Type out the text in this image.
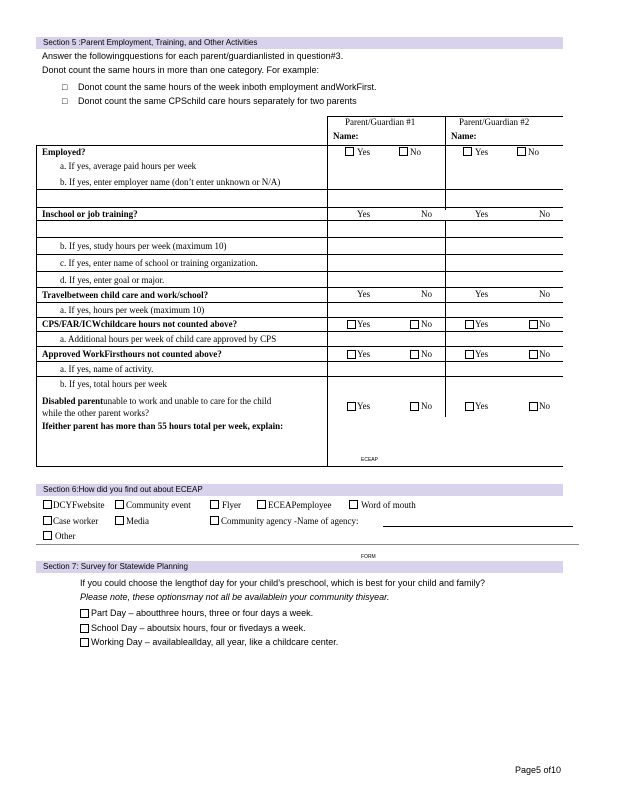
Section 5 :Parent Employment, Training, and Other Activities
Answer the followingquestions for each parent/guardianlisted in question#3.
Donot count the same hours in more than one category. For example:
□ Donot count the same hours of the week inboth employment andWorkFirst.
□ Donot count the same CPSchild care hours separately for two parents
Parent/Guardian #1	Parent/Guardian #2
Name:	Name:
Employed?	Yes	No	Yes	No
a. If yes, average paid hours per week
b. If yes, enter employer name (don’t enter unknown or N/A)
Inschool or job training?	Yes	No	Yes	No
b. If yes, study hours per week (maximum 10)
c. If yes, enter name of school or training organization.
d. If yes, enter goal or major.
Travelbetween child care and work/school?	Yes	No	Yes	No
a. If yes, hours per week (maximum 10)
CPS/FAR/ICWchildcare hours not counted above?	Yes	No	Yes	No
a. Additional hours per week of child care approved by CPS
Approved WorkFirsthours not counted above?	Yes	No	Yes	No
a. If yes, name of activity.
b. If yes, total hours per week
Disabled parentunable to work and unable to care for the child
while the other parent works?
Yes	No	Yes	No
Ifeither parent has more than 55 hours total per week, explain:
ECEAP
Section 6:How did you find out about ECEAP
DCYFwebsite Community event	Flyer	ECEAPemployee	Word of mouth
Case worker	Media	Community agency -Name of agency:
Other
FORM
Section 7: Survey for Statewide Planning
If you could choose the lengthof day for your child’s preschool, which is best for your child and family?
Please note, these optionsmay not all be availablein your community thisyear.
Part Day – aboutthree hours, three or four days a week.
School Day – aboutsix hours, four or fivedays a week.
Working Day – availableallday, all year, like a childcare center.
Page5 of10
